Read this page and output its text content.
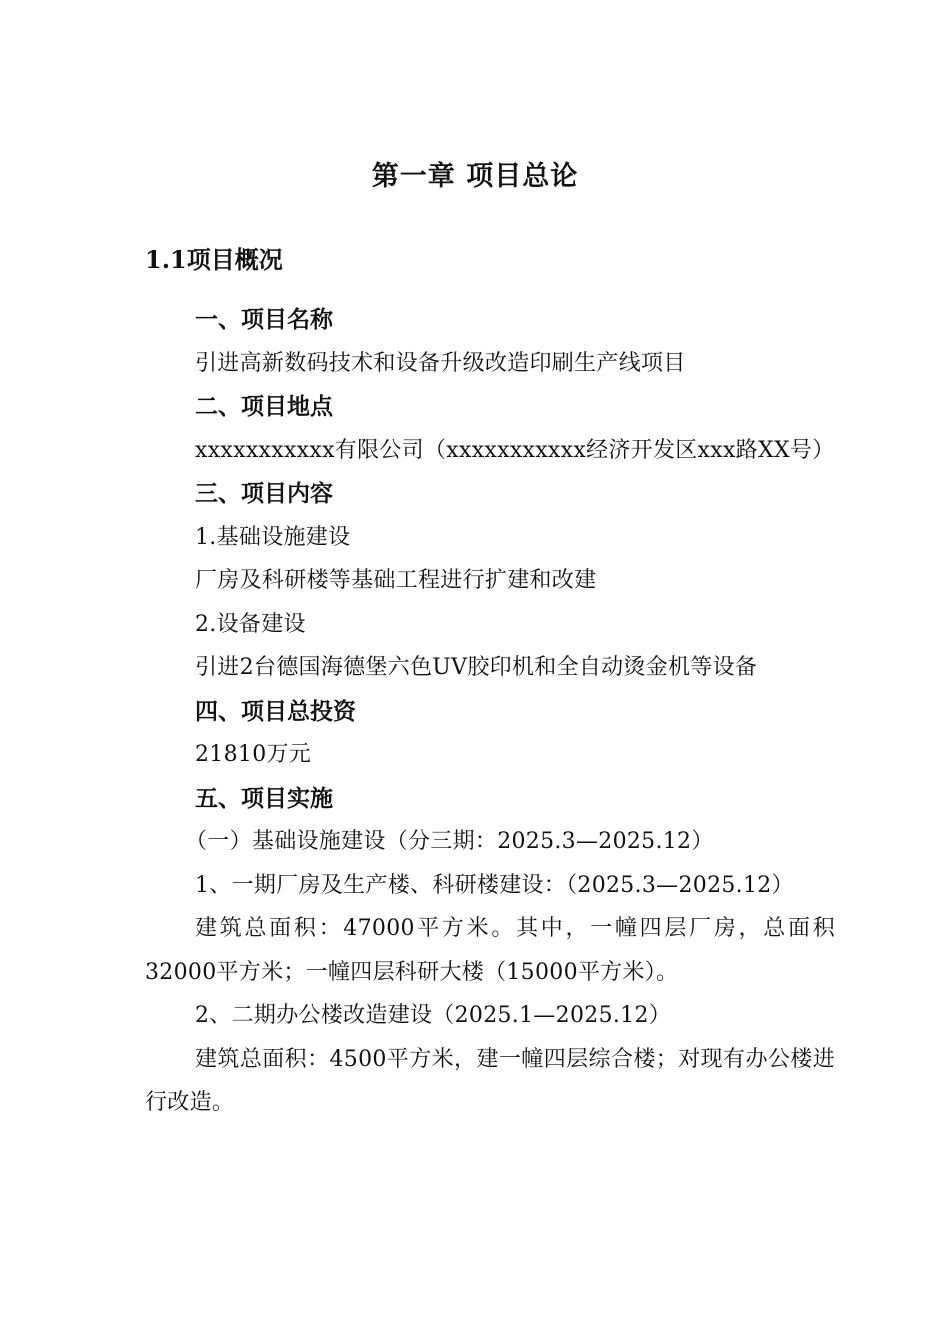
第一章 项目总论
1.1项目概况
一、项目名称
引进高新数码技术和设备升级改造印刷生产线项目
二、项目地点
xxxxxxxxxxx有限公司（xxxxxxxxxxx经济开发区xxx路XX号）
三、项目内容
1.基础设施建设
厂房及科研楼等基础工程进行扩建和改建
2.设备建设
引进2台德国海德堡六色UV胶印机和全自动烫金机等设备
四、项目总投资
21810万元
五、项目实施
（一）基础设施建设（分三期：2025.3—2025.12）
1、一期厂房及生产楼、科研楼建设：（2025.3—2025.12）
建筑总面积：47000平方米。其中，一幢四层厂房，总面积32000平方米；一幢四层科研大楼（15000平方米）。
2、二期办公楼改造建设（2025.1—2025.12）
建筑总面积：4500平方米，建一幢四层综合楼；对现有办公楼进行改造。
